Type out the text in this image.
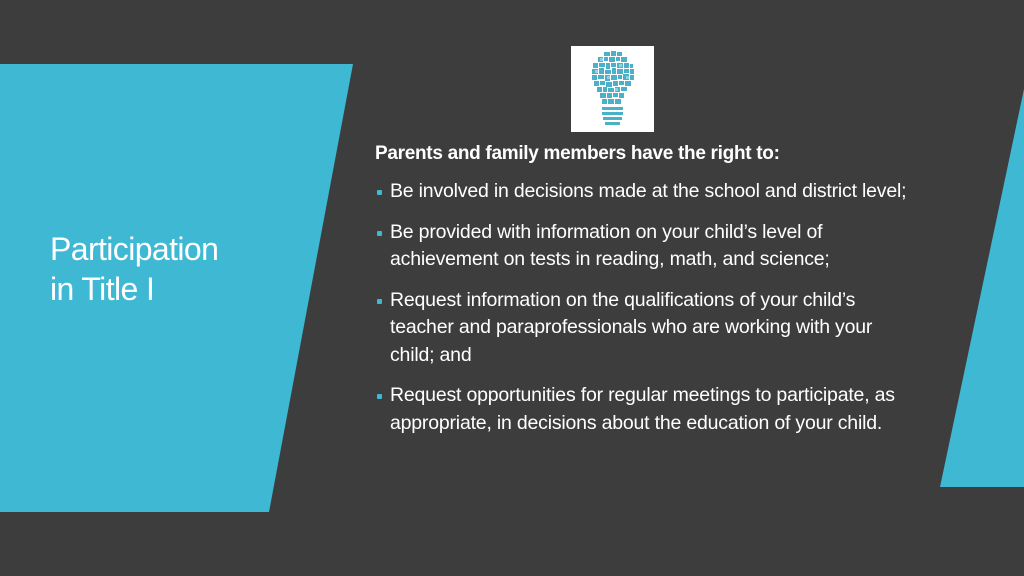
Participation
in Title I

Parents and family members have the right to:

Be involved in decisions made at the school and district level;
Be provided with information on your child’s level of achievement on tests in reading, math, and science;
Request information on the qualifications of your child’s teacher and paraprofessionals who are working with your child; and
Request opportunities for regular meetings to participate, as appropriate, in decisions about the education of your child.
